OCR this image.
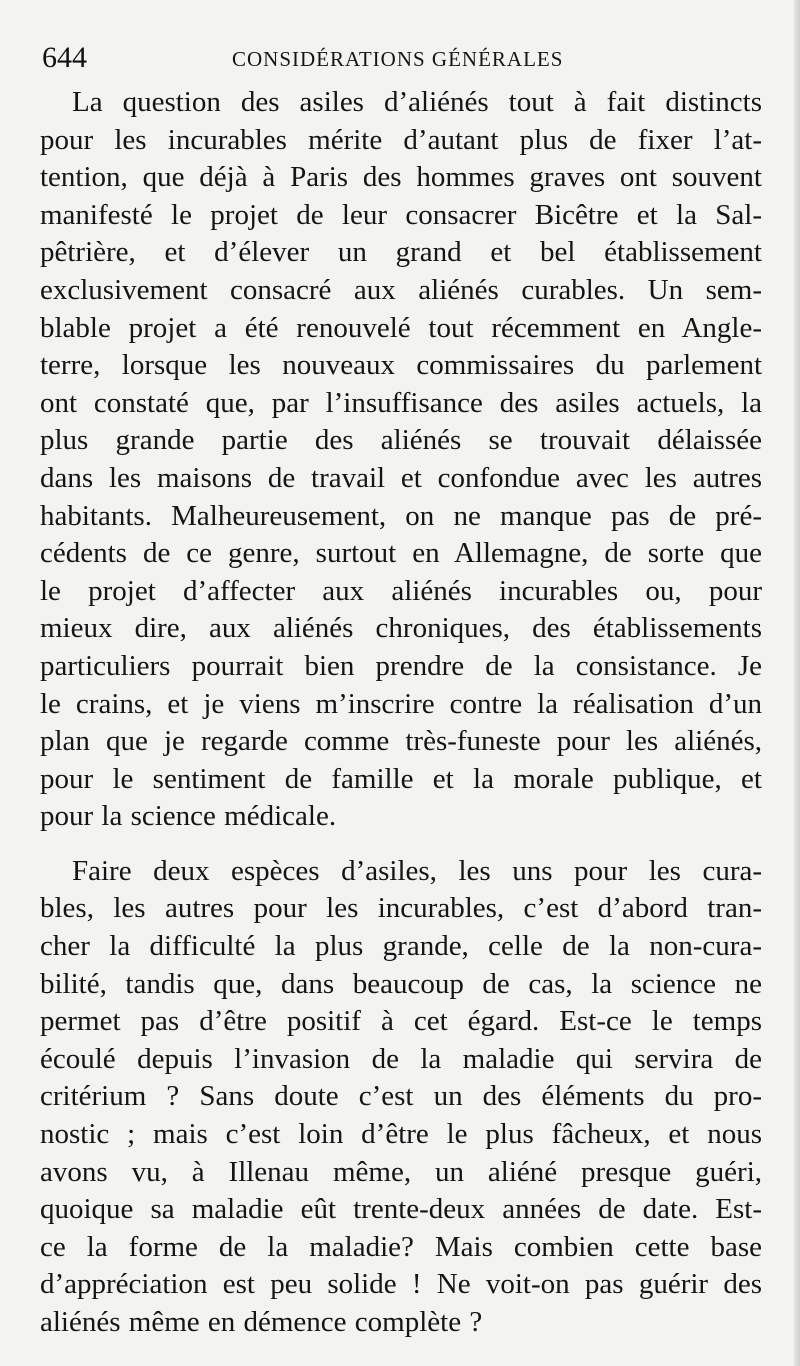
644	CONSIDÉRATIONS GÉNÉRALES
La question des asiles d’aliénés tout à fait distincts
pour les incurables mérite d’autant plus de fixer l’at-
tention, que déjà à Paris des hommes graves ont souvent
manifesté le projet de leur consacrer Bicêtre et la Sal-
pêtrière, et d’élever un grand et bel établissement
exclusivement consacré aux aliénés curables. Un sem-
blable projet a été renouvelé tout récemment en Angle-
terre, lorsque les nouveaux commissaires du parlement
ont constaté que, par l’insuffisance des asiles actuels, la
plus grande partie des aliénés se trouvait délaissée
dans les maisons de travail et confondue avec les autres
habitants. Malheureusement, on ne manque pas de pré-
cédents de ce genre, surtout en Allemagne, de sorte que
le projet d’affecter aux aliénés incurables ou, pour
mieux dire, aux aliénés chroniques, des établissements
particuliers pourrait bien prendre de la consistance. Je
le crains, et je viens m’inscrire contre la réalisation d’un
plan que je regarde comme très-funeste pour les aliénés,
pour le sentiment de famille et la morale publique, et
pour la science médicale.
Faire deux espèces d’asiles, les uns pour les cura-
bles, les autres pour les incurables, c’est d’abord tran-
cher la difficulté la plus grande, celle de la non-cura-
bilité, tandis que, dans beaucoup de cas, la science ne
permet pas d’être positif à cet égard. Est-ce le temps
écoulé depuis l’invasion de la maladie qui servira de
critérium ? Sans doute c’est un des éléments du pro-
nostic ; mais c’est loin d’être le plus fâcheux, et nous
avons vu, à Illenau même, un aliéné presque guéri,
quoique sa maladie eût trente-deux années de date. Est-
ce la forme de la maladie? Mais combien cette base
d’appréciation est peu solide ! Ne voit-on pas guérir des
aliénés même en démence complète ?
